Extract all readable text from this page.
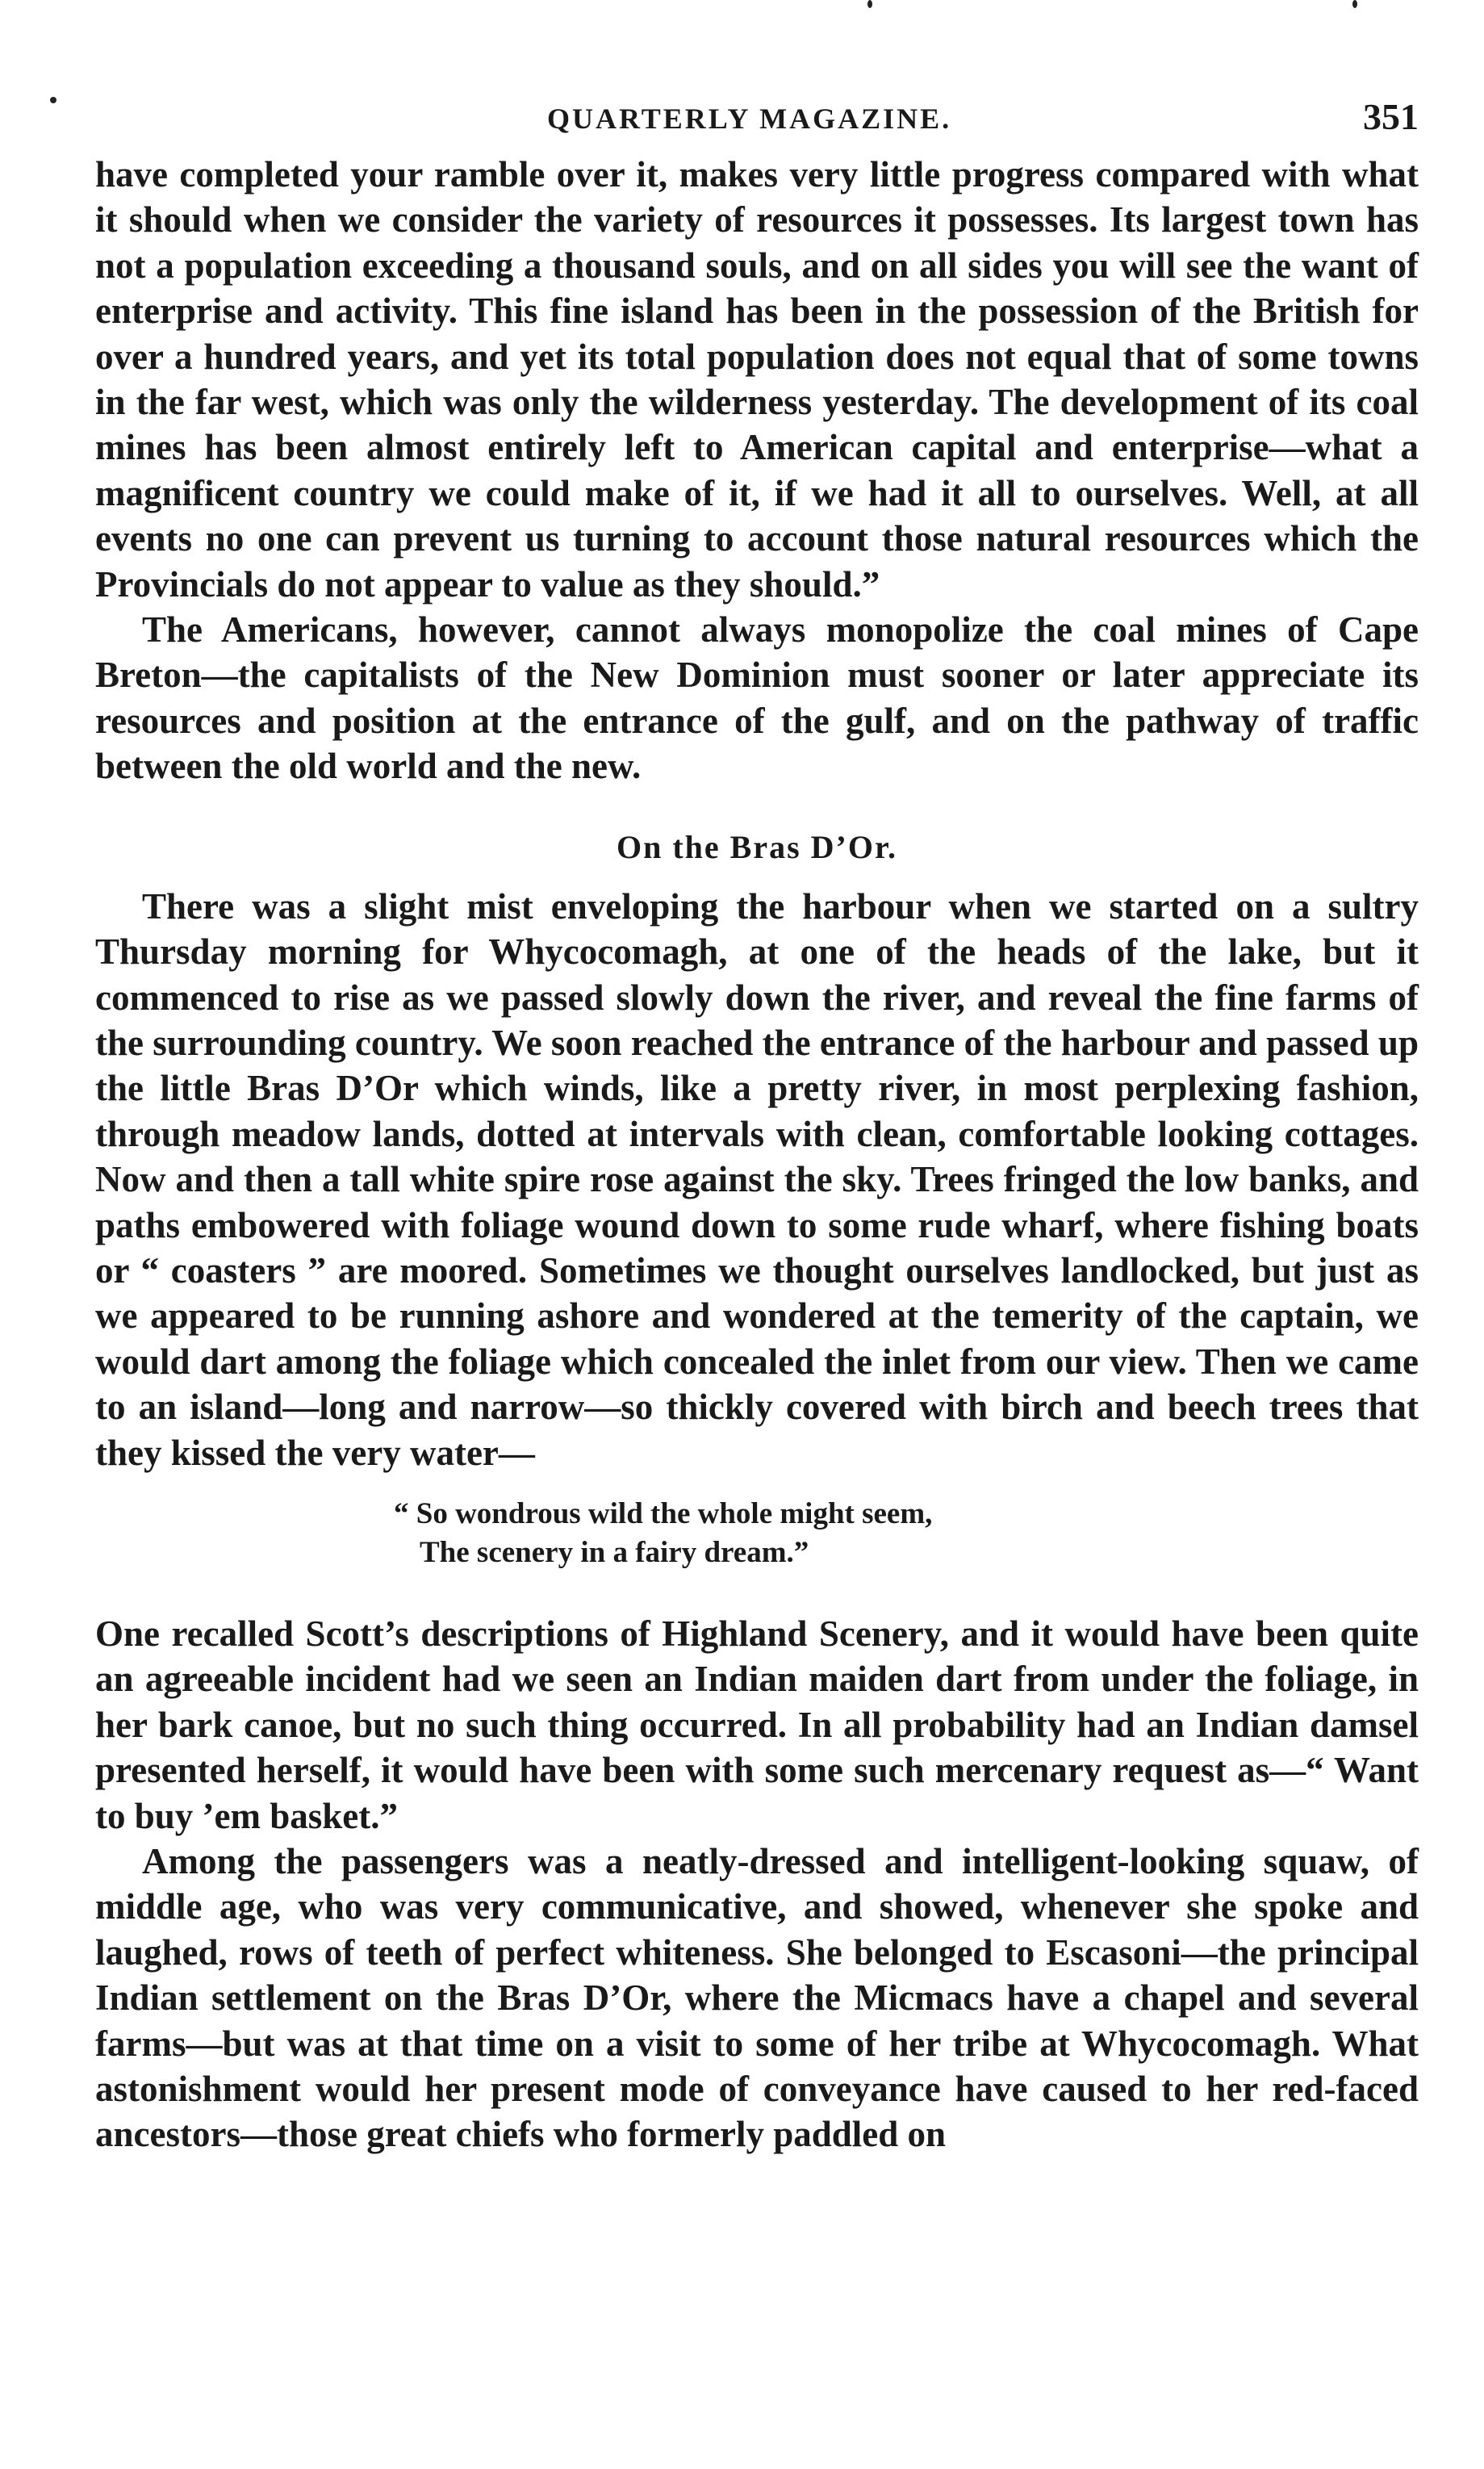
QUARTERLY MAGAZINE.	351

have completed your ramble over it, makes very little progress compared with what it should when we consider the variety of resources it possesses. Its largest town has not a population exceeding a thousand souls, and on all sides you will see the want of enterprise and activity. This fine island has been in the possession of the British for over a hundred years, and yet its total population does not equal that of some towns in the far west, which was only the wilderness yesterday. The development of its coal mines has been almost entirely left to American capital and enterprise—what a magnificent country we could make of it, if we had it all to ourselves. Well, at all events no one can prevent us turning to account those natural resources which the Provincials do not appear to value as they should.”

The Americans, however, cannot always monopolize the coal mines of Cape Breton—the capitalists of the New Dominion must sooner or later appreciate its resources and position at the entrance of the gulf, and on the pathway of traffic between the old world and the new.

On the Bras D’Or.

There was a slight mist enveloping the harbour when we started on a sultry Thursday morning for Whycocomagh, at one of the heads of the lake, but it commenced to rise as we passed slowly down the river, and reveal the fine farms of the surrounding country. We soon reached the entrance of the harbour and passed up the little Bras D’Or which winds, like a pretty river, in most perplexing fashion, through meadow lands, dotted at intervals with clean, comfortable looking cottages. Now and then a tall white spire rose against the sky. Trees fringed the low banks, and paths embowered with foliage wound down to some rude wharf, where fishing boats or “ coasters ” are moored. Sometimes we thought ourselves landlocked, but just as we appeared to be running ashore and wondered at the temerity of the captain, we would dart among the foliage which concealed the inlet from our view. Then we came to an island—long and narrow—so thickly covered with birch and beech trees that they kissed the very water—

“ So wondrous wild the whole might seem,
The scenery in a fairy dream.”

One recalled Scott’s descriptions of Highland Scenery, and it would have been quite an agreeable incident had we seen an Indian maiden dart from under the foliage, in her bark canoe, but no such thing occurred. In all probability had an Indian damsel presented herself, it would have been with some such mercenary request as—“ Want to buy ’em basket.”

Among the passengers was a neatly-dressed and intelligent-looking squaw, of middle age, who was very communicative, and showed, whenever she spoke and laughed, rows of teeth of perfect whiteness. She belonged to Escasoni—the principal Indian settlement on the Bras D’Or, where the Micmacs have a chapel and several farms—but was at that time on a visit to some of her tribe at Whycocomagh. What astonishment would her present mode of conveyance have caused to her red-faced ancestors—those great chiefs who formerly paddled on
